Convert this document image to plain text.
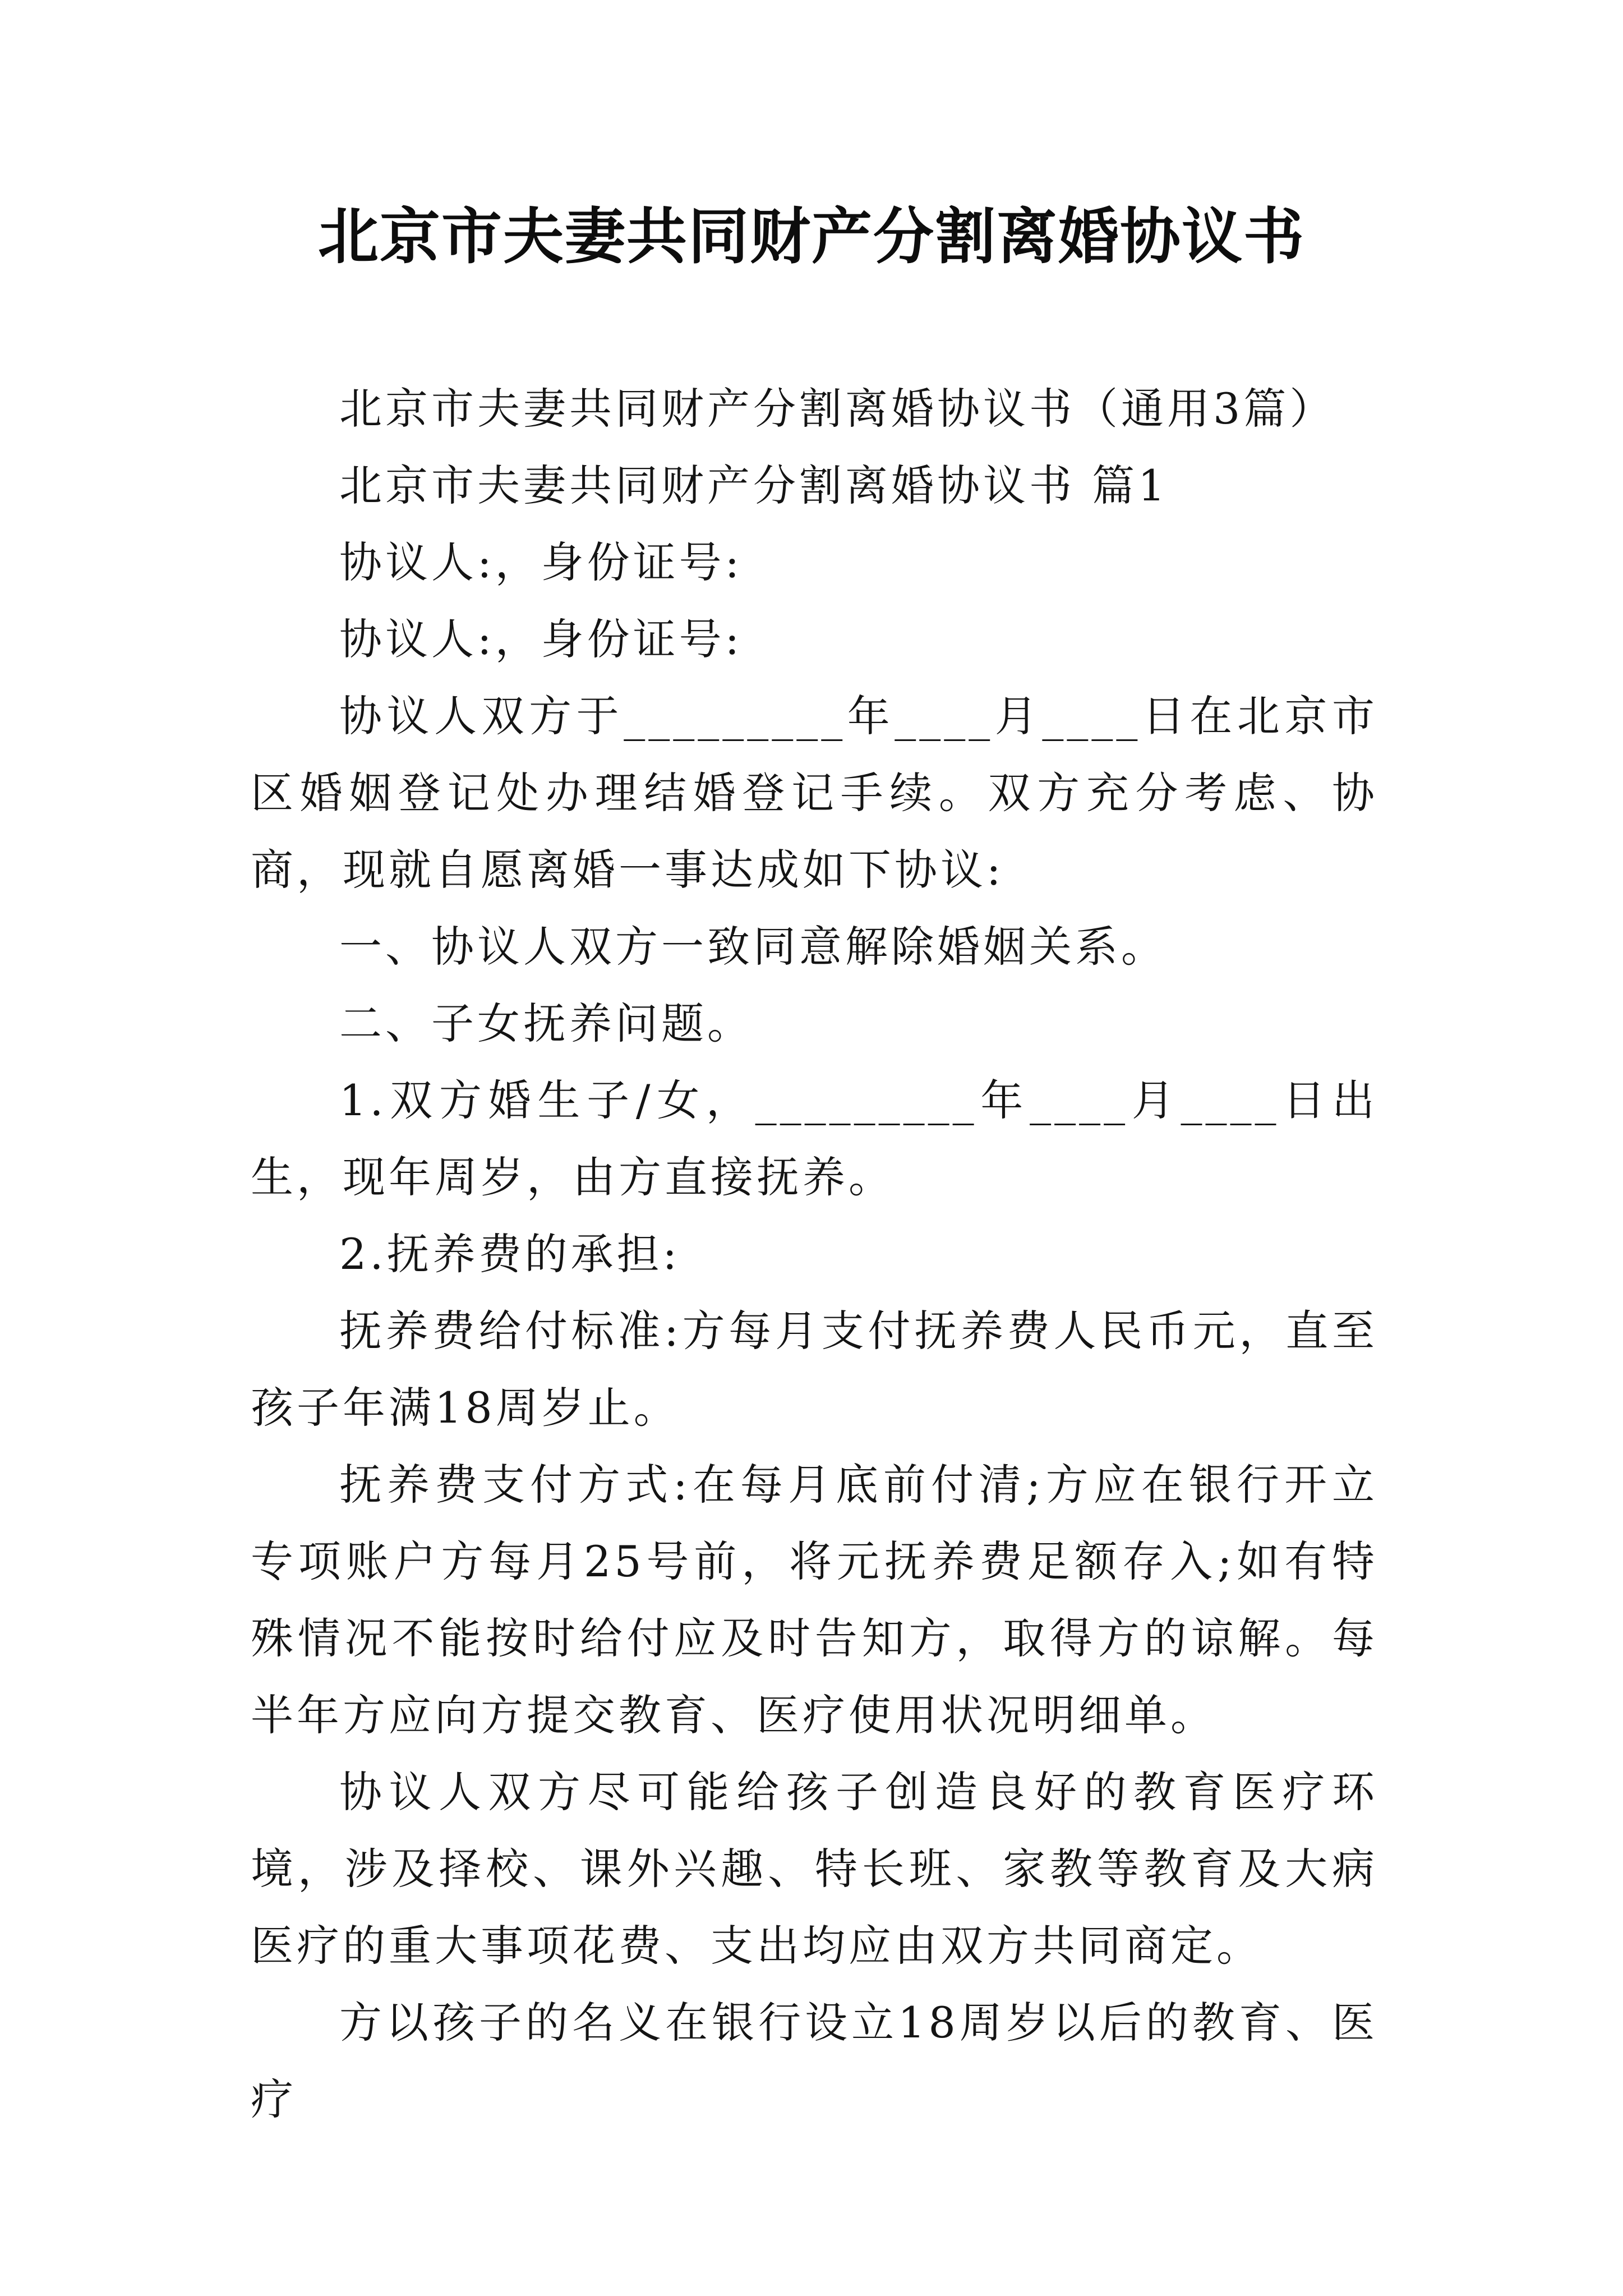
北京市夫妻共同财产分割离婚协议书

北京市夫妻共同财产分割离婚协议书（通用3篇）

北京市夫妻共同财产分割离婚协议书 篇1

协议人:，身份证号:

协议人:，身份证号:

协议人双方于_________年____月____日在北京市区婚姻登记处办理结婚登记手续。双方充分考虑、协商，现就自愿离婚一事达成如下协议:

一、协议人双方一致同意解除婚姻关系。

二、子女抚养问题。

1.双方婚生子/女，_________年____月____日出生，现年周岁，由方直接抚养。

2.抚养费的承担:

抚养费给付标准:方每月支付抚养费人民币元，直至孩子年满18周岁止。

抚养费支付方式:在每月底前付清;方应在银行开立专项账户方每月25号前，将元抚养费足额存入;如有特殊情况不能按时给付应及时告知方，取得方的谅解。每半年方应向方提交教育、医疗使用状况明细单。

协议人双方尽可能给孩子创造良好的教育医疗环境，涉及择校、课外兴趣、特长班、家教等教育及大病医疗的重大事项花费、支出均应由双方共同商定。

方以孩子的名义在银行设立18周岁以后的教育、医疗
